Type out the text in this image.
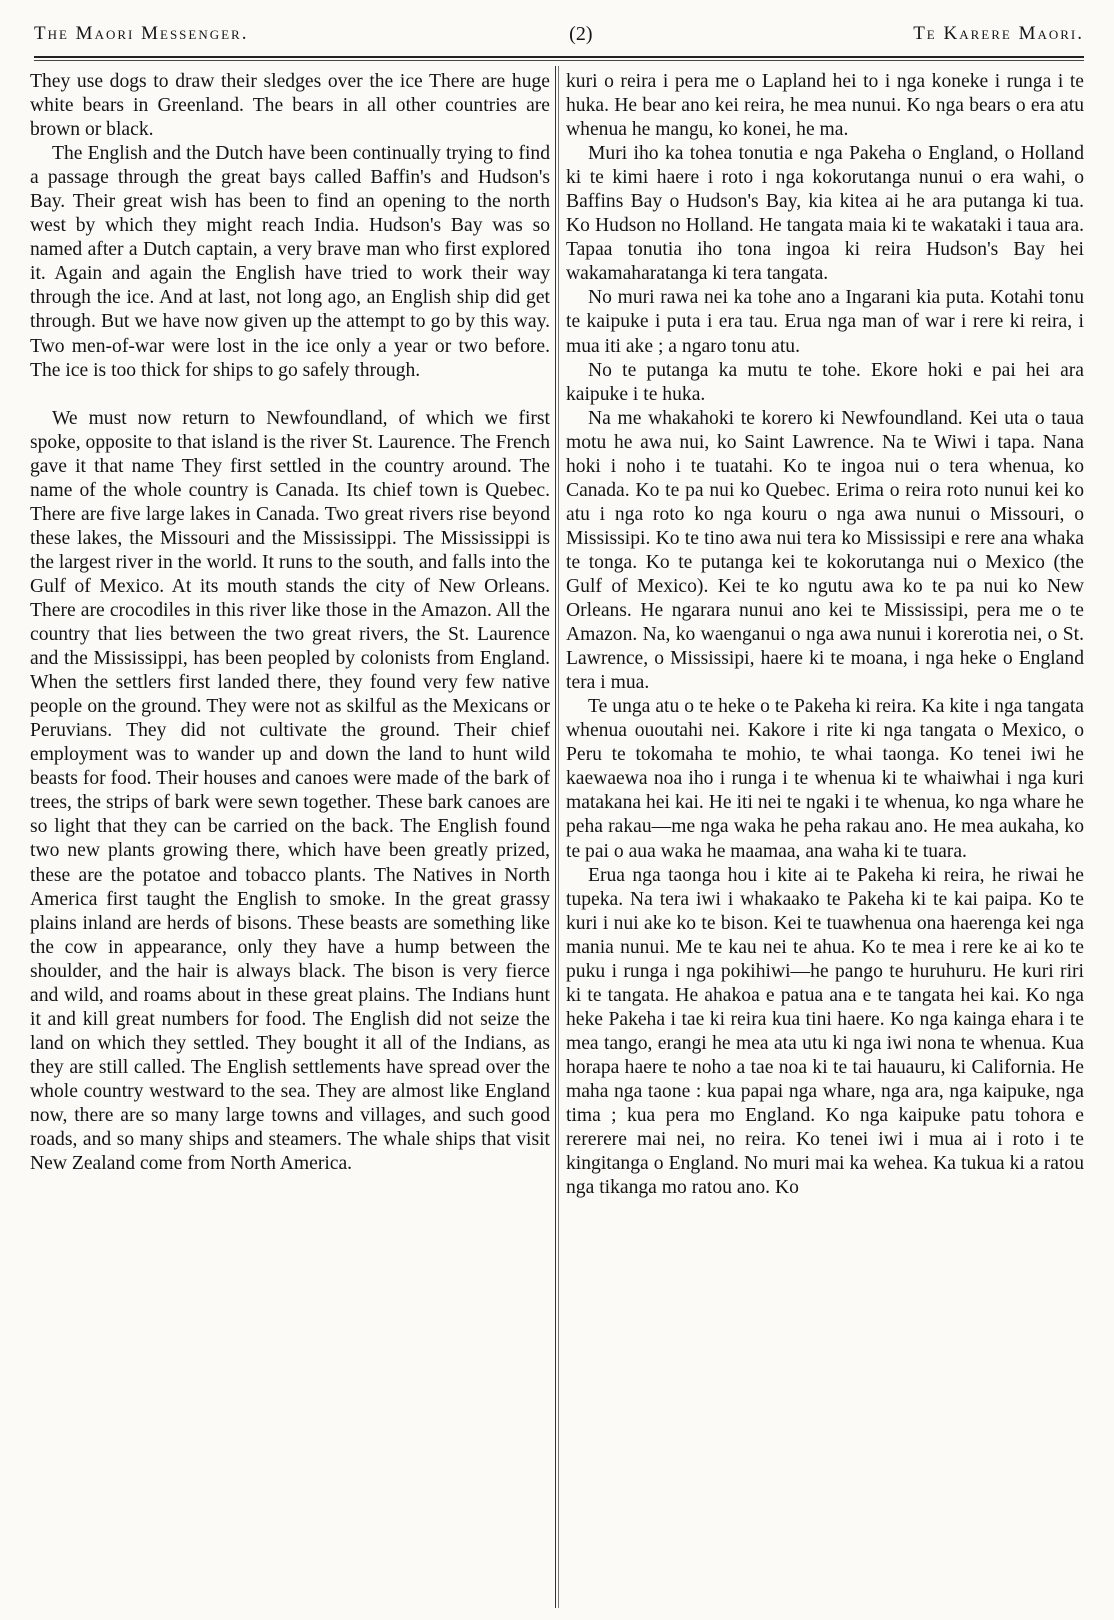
The Maori Messenger.	(2)	Te Karere Maori.

They use dogs to draw their sledges over the ice There are huge white bears in Greenland. The bears in all other countries are brown or black.

The English and the Dutch have been continually trying to find a passage through the great bays called Baffin's and Hudson's Bay. Their great wish has been to find an opening to the north west by which they might reach India. Hudson's Bay was so named after a Dutch captain, a very brave man who first explored it. Again and again the English have tried to work their way through the ice. And at last, not long ago, an English ship did get through. But we have now given up the attempt to go by this way. Two men-of-war were lost in the ice only a year or two before. The ice is too thick for ships to go safely through.

We must now return to Newfoundland, of which we first spoke, opposite to that island is the river St. Laurence. The French gave it that name They first settled in the country around. The name of the whole country is Canada. Its chief town is Quebec. There are five large lakes in Canada. Two great rivers rise beyond these lakes, the Missouri and the Mississippi. The Mississippi is the largest river in the world. It runs to the south, and falls into the Gulf of Mexico. At its mouth stands the city of New Orleans. There are crocodiles in this river like those in the Amazon. All the country that lies between the two great rivers, the St. Laurence and the Mississippi, has been peopled by colonists from England. When the settlers first landed there, they found very few native people on the ground. They were not as skilful as the Mexicans or Peruvians. They did not cultivate the ground. Their chief employment was to wander up and down the land to hunt wild beasts for food. Their houses and canoes were made of the bark of trees, the strips of bark were sewn together. These bark canoes are so light that they can be carried on the back. The English found two new plants growing there, which have been greatly prized, these are the potatoe and tobacco plants. The Natives in North America first taught the English to smoke. In the great grassy plains inland are herds of bisons. These beasts are something like the cow in appearance, only they have a hump between the shoulder, and the hair is always black. The bison is very fierce and wild, and roams about in these great plains. The Indians hunt it and kill great numbers for food. The English did not seize the land on which they settled. They bought it all of the Indians, as they are still called. The English settlements have spread over the whole country westward to the sea. They are almost like England now, there are so many large towns and villages, and such good roads, and so many ships and steamers. The whale ships that visit New Zealand come from North America.

kuri o reira i pera me o Lapland hei to i nga koneke i runga i te huka. He bear ano kei reira, he mea nunui. Ko nga bears o era atu whenua he mangu, ko konei, he ma.

Muri iho ka tohea tonutia e nga Pakeha o England, o Holland ki te kimi haere i roto i nga kokorutanga nunui o era wahi, o Baffins Bay o Hudson's Bay, kia kitea ai he ara putanga ki tua. Ko Hudson no Holland. He tangata maia ki te wakataki i taua ara. Tapaa tonutia iho tona ingoa ki reira Hudson's Bay hei wakamaharatanga ki tera tangata.

No muri rawa nei ka tohe ano a Ingarani kia puta. Kotahi tonu te kaipuke i puta i era tau. Erua nga man of war i rere ki reira, i mua iti ake ; a ngaro tonu atu.

No te putanga ka mutu te tohe. Ekore hoki e pai hei ara kaipuke i te huka.

Na me whakahoki te korero ki Newfoundland. Kei uta o taua motu he awa nui, ko Saint Lawrence. Na te Wiwi i tapa. Nana hoki i noho i te tuatahi. Ko te ingoa nui o tera whenua, ko Canada. Ko te pa nui ko Quebec. Erima o reira roto nunui kei ko atu i nga roto ko nga kouru o nga awa nunui o Missouri, o Mississipi. Ko te tino awa nui tera ko Mississipi e rere ana whaka te tonga. Ko te putanga kei te kokorutanga nui o Mexico (the Gulf of Mexico). Kei te ko ngutu awa ko te pa nui ko New Orleans. He ngarara nunui ano kei te Mississipi, pera me o te Amazon. Na, ko waenganui o nga awa nunui i korerotia nei, o St. Lawrence, o Mississipi, haere ki te moana, i nga heke o England tera i mua.

Te unga atu o te heke o te Pakeha ki reira. Ka kite i nga tangata whenua ououtahi nei. Kakore i rite ki nga tangata o Mexico, o Peru te tokomaha te mohio, te whai taonga. Ko tenei iwi he kaewaewa noa iho i runga i te whenua ki te whaiwhai i nga kuri matakana hei kai. He iti nei te ngaki i te whenua, ko nga whare he peha rakau—me nga waka he peha rakau ano. He mea aukaha, ko te pai o aua waka he maamaa, ana waha ki te tuara.

Erua nga taonga hou i kite ai te Pakeha ki reira, he riwai he tupeka. Na tera iwi i whakaako te Pakeha ki te kai paipa. Ko te kuri i nui ake ko te bison. Kei te tuawhenua ona haerenga kei nga mania nunui. Me te kau nei te ahua. Ko te mea i rere ke ai ko te puku i runga i nga pokihiwi—he pango te huruhuru. He kuri riri ki te tangata. He ahakoa e patua ana e te tangata hei kai. Ko nga heke Pakeha i tae ki reira kua tini haere. Ko nga kainga ehara i te mea tango, erangi he mea ata utu ki nga iwi nona te whenua. Kua horapa haere te noho a tae noa ki te tai hauauru, ki California. He maha nga taone : kua papai nga whare, nga ara, nga kaipuke, nga tima ; kua pera mo England. Ko nga kaipuke patu tohora e rererere mai nei, no reira. Ko tenei iwi i mua ai i roto i te kingitanga o England. No muri mai ka wehea. Ka tukua ki a ratou nga tikanga mo ratou ano. Ko
